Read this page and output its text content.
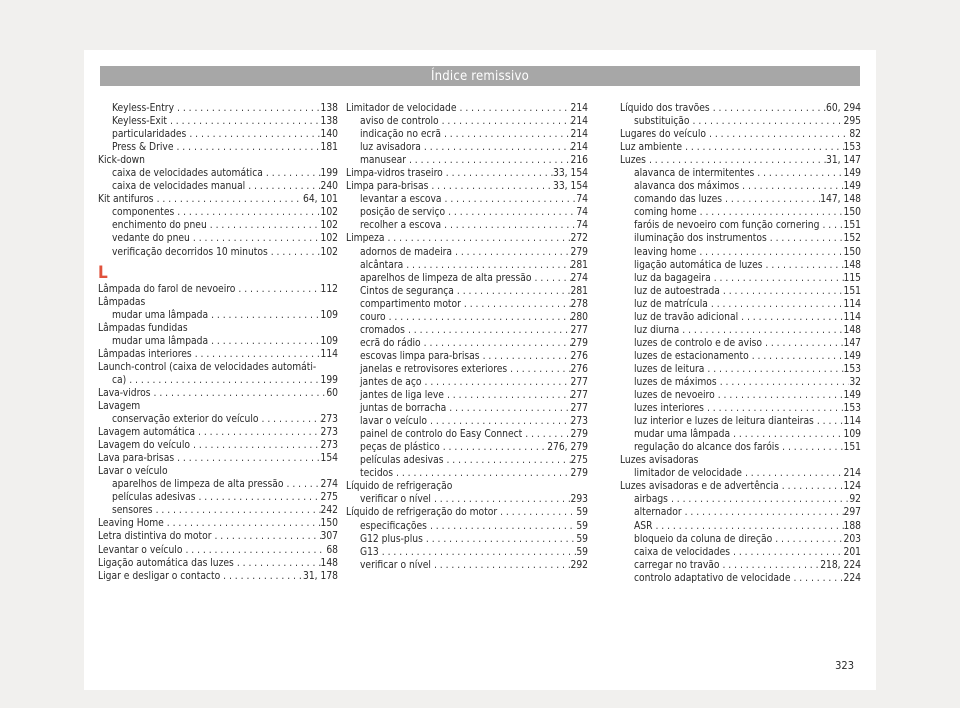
Índice remissivo
Keyless-Entry . . .	138
Keyless-Exit . . .	138
particularidades . . .	140
Press & Drive . . .	181
Kick-down
caixa de velocidades automática . . .	199
caixa de velocidades manual . . .	240
Kit antifuros . . .	64, 101
componentes . . .	102
enchimento do pneu . . .	102
vedante do pneu . . .	102
verificação decorridos 10 minutos . . .	102
L
Lâmpada do farol de nevoeiro . . .	112
Lâmpadas
mudar uma lâmpada . . .	109
Lâmpadas fundidas
mudar uma lâmpada . . .	109
Lâmpadas interiores . . .	114
Launch-control (caixa de velocidades automáti-
ca) . . .	199
Lava-vidros . . .	60
Lavagem
conservação exterior do veículo . . .	273
Lavagem automática . . .	273
Lavagem do veículo . . .	273
Lava para-brisas . . .	154
Lavar o veículo
aparelhos de limpeza de alta pressão . . .	274
películas adesivas . . .	275
sensores . . .	242
Leaving Home . . .	150
Letra distintiva do motor . . .	307
Levantar o veículo . . .	68
Ligação automática das luzes . . .	148
Ligar e desligar o contacto . . .	31, 178
Limitador de velocidade . . .	214
aviso de controlo . . .	214
indicação no ecrã . . .	214
luz avisadora . . .	214
manusear . . .	216
Limpa-vidros traseiro . . .	33, 154
Limpa para-brisas . . .	33, 154
levantar a escova . . .	74
posição de serviço . . .	74
recolher a escova . . .	74
Limpeza . . .	272
adornos de madeira . . .	279
alcântara . . .	281
aparelhos de limpeza de alta pressão . . .	274
Cintos de segurança . . .	281
compartimento motor . . .	278
couro . . .	280
cromados . . .	277
ecrã do rádio . . .	279
escovas limpa para-brisas . . .	276
janelas e retrovisores exteriores . . .	276
jantes de aço . . .	277
jantes de liga leve . . .	277
juntas de borracha . . .	277
lavar o veículo . . .	273
painel de controlo do Easy Connect . . .	279
peças de plástico . . .	276, 279
películas adesivas . . .	275
tecidos . . .	279
Líquido de refrigeração
verificar o nível . . .	293
Líquido de refrigeração do motor . . .	59
especificações . . .	59
G12 plus-plus . . .	59
G13 . . .	59
verificar o nível . . .	292
Líquido dos travões . . .	60, 294
substituição . . .	295
Lugares do veículo . . .	82
Luz ambiente . . .	153
Luzes . . .	31, 147
alavanca de intermitentes . . .	149
alavanca dos máximos . . .	149
comando das luzes . . .	147, 148
coming home . . .	150
faróis de nevoeiro com função cornering . . . 151
iluminação dos instrumentos . . .	152
leaving home . . .	150
ligação automática de luzes . . .	148
luz da bagageira . . .	115
luz de autoestrada . . .	151
luz de matrícula . . .	114
luz de travão adicional . . .	114
luz diurna . . .	148
luzes de controlo e de aviso . . .	147
luzes de estacionamento . . .	149
luzes de leitura . . .	153
luzes de máximos . . .	32
luzes de nevoeiro . . .	149
luzes interiores . . .	153
luz interior e luzes de leitura dianteiras . . .	114
mudar uma lâmpada . . .	109
regulação do alcance dos faróis . . .	151
Luzes avisadoras
limitador de velocidade . . .	214
Luzes avisadoras e de advertência . . .	124
airbags . . .	92
alternador . . .	297
ASR . . .	188
bloqueio da coluna de direção . . .	203
caixa de velocidades . . .	201
carregar no travão . . .	218, 224
controlo adaptativo de velocidade . . .	224
323
